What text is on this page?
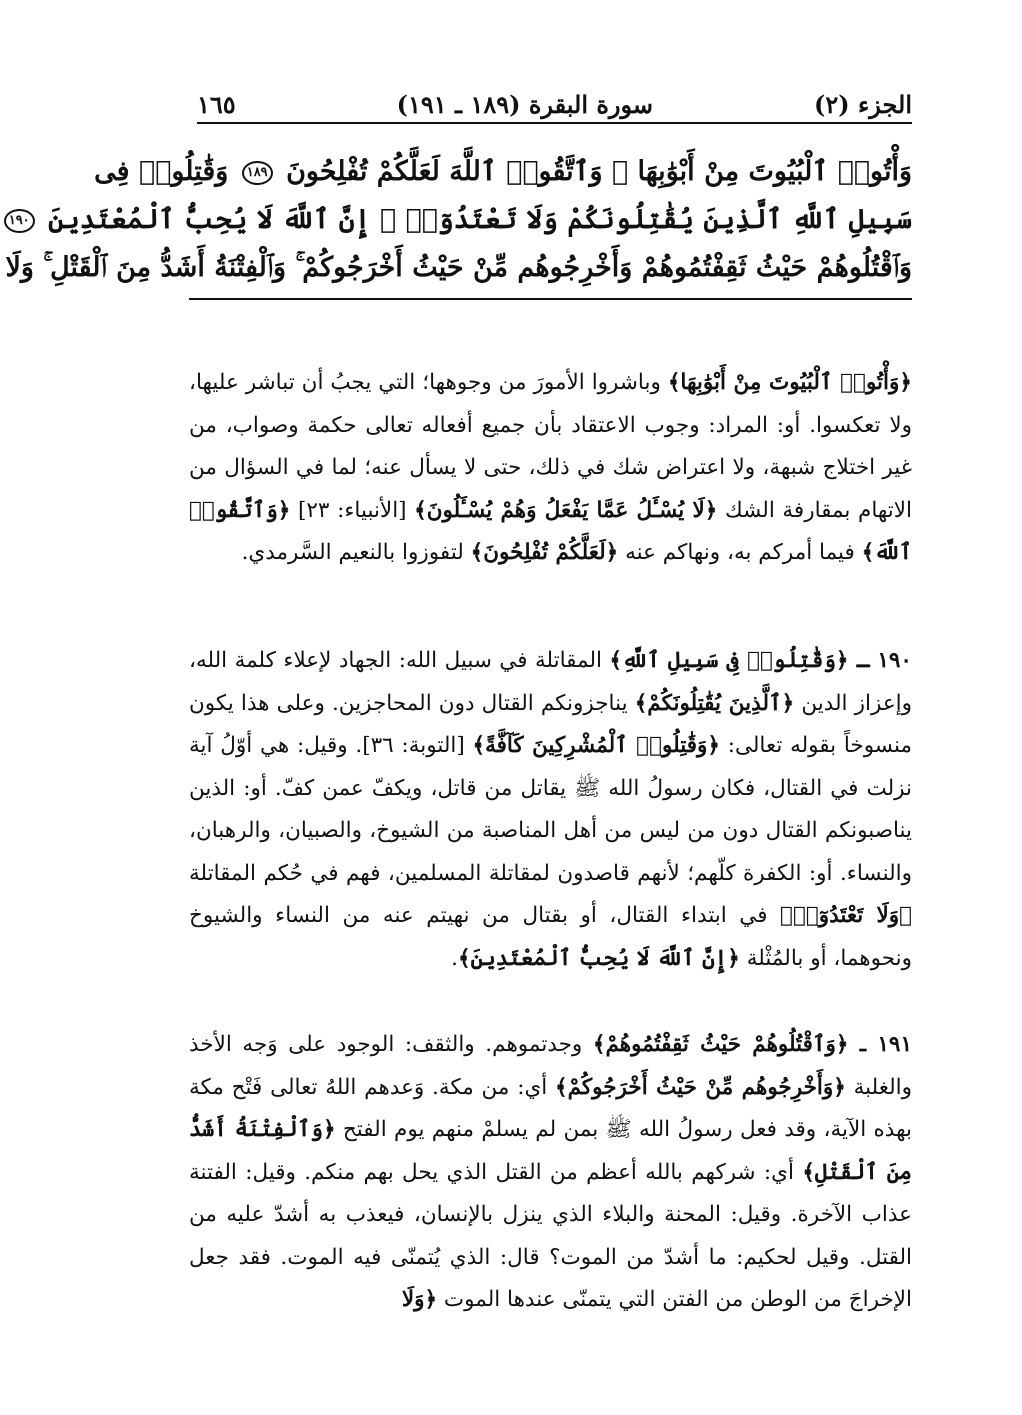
الجزء (٢)
سورة البقرة (١٨٩ ـ ١٩١)
١٦٥
وَأْتُوا۟ ٱلْبُيُوتَ مِنْ أَبْوَٰبِهَا ۚ وَٱتَّقُوا۟ ٱللَّهَ لَعَلَّكُمْ تُفْلِحُونَ ١٨٩ وَقَٰتِلُوا۟ فِى
سَبِيلِ ٱللَّهِ ٱلَّذِينَ يُقَٰتِلُونَكُمْ وَلَا تَعْتَدُوٓا۟ ۚ إِنَّ ٱللَّهَ لَا يُحِبُّ ٱلْمُعْتَدِينَ ١٩٠
وَٱقْتُلُوهُمْ حَيْثُ ثَقِفْتُمُوهُمْ وَأَخْرِجُوهُم مِّنْ حَيْثُ أَخْرَجُوكُمْ ۚ وَٱلْفِتْنَةُ أَشَدُّ مِنَ ٱلْقَتْلِ ۚ وَلَا

﴿وَأْتُوا۟ ٱلْبُيُوتَ مِنْ أَبْوَٰبِهَا﴾ وباشروا الأمورَ من وجوهها؛ التي يجبُ أن تباشر عليها، ولا تعكسوا. أو: المراد: وجوب الاعتقاد بأن جميع أفعاله تعالى حكمة وصواب، من غير اختلاج شبهة، ولا اعتراض شك في ذلك، حتى لا يسأل عنه؛ لما في السؤال من الاتهام بمقارفة الشك ﴿لَا يُسْـَٔلُ عَمَّا يَفْعَلُ وَهُمْ يُسْـَٔلُونَ﴾ [الأنبياء: ٢٣] ﴿وَٱتَّقُوا۟ ٱللَّهَ﴾ فيما أمركم به، ونهاكم عنه ﴿لَعَلَّكُمْ تُفْلِحُونَ﴾ لتفوزوا بالنعيم السَّرمدي.

١٩٠ ـ ﴿وَقَٰتِلُوا۟ فِى سَبِيلِ ٱللَّهِ﴾ المقاتلة في سبيل الله: الجهاد لإعلاء كلمة الله، وإعزاز الدين ﴿ٱلَّذِينَ يُقَٰتِلُونَكُمْ﴾ يناجزونكم القتال دون المحاجزين. وعلى هذا يكون منسوخاً بقوله تعالى: ﴿وَقَٰتِلُوا۟ ٱلْمُشْرِكِينَ كَآفَّةً﴾ [التوبة: ٣٦]. وقيل: هي أوّلُ آية نزلت في القتال، فكان رسولُ الله ﷺ يقاتل من قاتل، ويكفّ عمن كفّ. أو: الذين يناصبونكم القتال دون من ليس من أهل المناصبة من الشيوخ، والصبيان، والرهبان، والنساء. أو: الكفرة كلّهم؛ لأنهم قاصدون لمقاتلة المسلمين، فهم في حُكم المقاتلة ﴿وَلَا تَعْتَدُوٓا۟﴾ في ابتداء القتال، أو بقتال من نهيتم عنه من النساء والشيوخ ونحوهما، أو بالمُثْلة ﴿إِنَّ ٱللَّهَ لَا يُحِبُّ ٱلْمُعْتَدِينَ﴾.

١٩١ ـ ﴿وَٱقْتُلُوهُمْ حَيْثُ ثَقِفْتُمُوهُمْ﴾ وجدتموهم. والثقف: الوجود على وَجه الأخذ والغلبة ﴿وَأَخْرِجُوهُم مِّنْ حَيْثُ أَخْرَجُوكُمْ﴾ أي: من مكة. وَعدهم اللهُ تعالى فَتْح مكة بهذه الآية، وقد فعل رسولُ الله ﷺ بمن لم يسلمْ منهم يوم الفتح ﴿وَٱلْفِتْنَةُ أَشَدُّ مِنَ ٱلْقَتْلِ﴾ أي: شركهم بالله أعظم من القتل الذي يحل بهم منكم. وقيل: الفتنة عذاب الآخرة. وقيل: المحنة والبلاء الذي ينزل بالإنسان، فيعذب به أشدّ عليه من القتل. وقيل لحكيم: ما أشدّ من الموت؟ قال: الذي يُتمنّى فيه الموت. فقد جعل الإخراجَ من الوطن من الفتن التي يتمنّى عندها الموت ﴿وَلَا
